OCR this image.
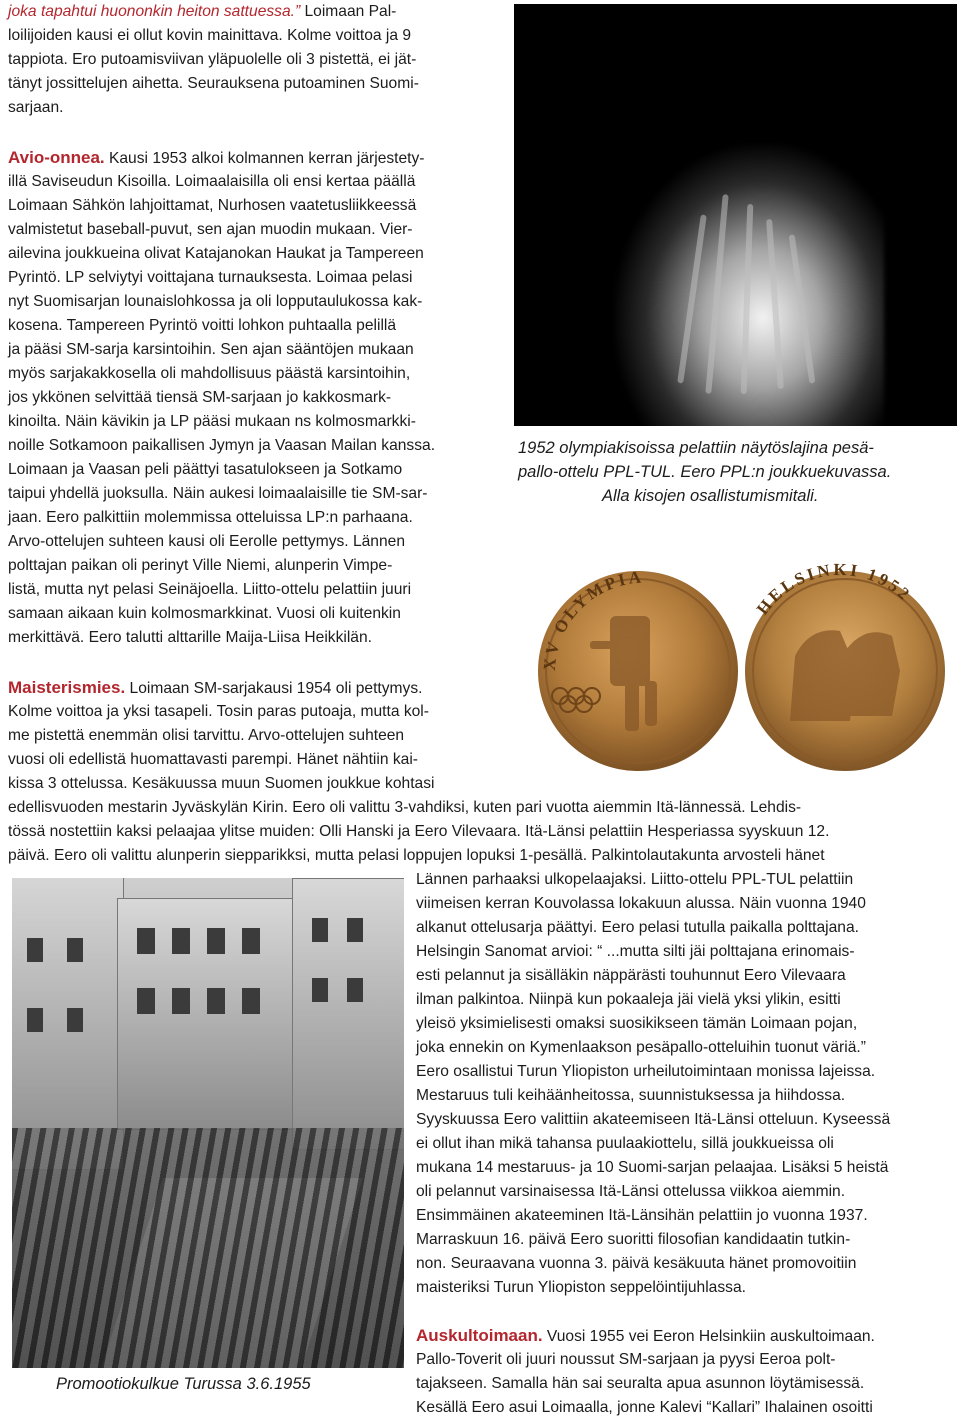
joka tapahtui huononkin heiton sattuessa.” Loimaan Pal-
loilijoiden kausi ei ollut kovin mainittava. Kolme voittoa ja 9
tappiota. Ero putoamisviivan yläpuolelle oli 3 pistettä, ei jät-
tänyt jossittelujen aihetta. Seurauksena putoaminen Suomi-
sarjaan.
Avio-onnea. Kausi 1953 alkoi kolmannen kerran järjestety-
illä Saviseudun Kisoilla. Loimaalaisilla oli ensi kertaa päällä
Loimaan Sähkön lahjoittamat, Nurhosen vaatetusliikkeessä
valmistetut baseball-puvut, sen ajan muodin mukaan. Vier-
ailevina joukkueina olivat Katajanokan Haukat ja Tampereen
Pyrintö. LP selviytyi voittajana turnauksesta. Loimaa pelasi
nyt Suomisarjan lounaislohkossa ja oli lopputaulukossa kak-
kosena. Tampereen Pyrintö voitti lohkon puhtaalla pelillä
ja pääsi SM-sarja karsintoihin. Sen ajan sääntöjen mukaan
myös sarjakakkosella oli mahdollisuus päästä karsintoihin,
jos ykkönen selvittää tiensä SM-sarjaan jo kakkosmark-
kinoilta. Näin kävikin ja LP pääsi mukaan ns kolmosmarkki-
noille Sotkamoon paikallisen Jymyn ja Vaasan Mailan kanssa.
Loimaan ja Vaasan peli päättyi tasatulokseen ja Sotkamo
taipui yhdellä juoksulla. Näin aukesi loimaalaisille tie SM-sar-
jaan. Eero palkittiin molemmissa otteluissa LP:n parhaana.
Arvo-ottelujen suhteen kausi oli Eerolle pettymys. Lännen
polttajan paikan oli perinyt Ville Niemi, alunperin Vimpe-
listä, mutta nyt pelasi Seinäjoella. Liitto-ottelu pelattiin juuri
samaan aikaan kuin kolmosmarkkinat. Vuosi oli kuitenkin
merkittävä. Eero talutti alttarille Maija-Liisa Heikkilän.
1952 olympiakisoissa pelattiin näytöslajina pesä-
pallo-ottelu PPL-TUL. Eero PPL:n joukkuekuvassa.
Alla kisojen osallistumismitali.
XV OLYMPIA
HELSINKI 1952
Maisterismies. Loimaan SM-sarjakausi 1954 oli pettymys.
Kolme voittoa ja yksi tasapeli. Tosin paras putoaja, mutta kol-
me pistettä enemmän olisi tarvittu. Arvo-ottelujen suhteen
vuosi oli edellistä huomattavasti parempi. Hänet nähtiin kai-
kissa 3 ottelussa. Kesäkuussa muun Suomen joukkue kohtasi
edellisvuoden mestarin Jyväskylän Kirin. Eero oli valittu 3-vahdiksi, kuten pari vuotta aiemmin Itä-lännessä. Lehdis-
tössä nostettiin kaksi pelaajaa ylitse muiden: Olli Hanski ja Eero Vilevaara. Itä-Länsi pelattiin Hesperiassa syyskuun 12.
päivä. Eero oli valittu alunperin siepparikksi, mutta pelasi loppujen lopuksi 1-pesällä. Palkintolautakunta arvosteli hänet
Lännen parhaaksi ulkopelaajaksi. Liitto-ottelu PPL-TUL pelattiin
viimeisen kerran Kouvolassa lokakuun alussa. Näin vuonna 1940
alkanut ottelusarja päättyi. Eero pelasi tutulla paikalla polttajana.
Helsingin Sanomat arvioi: “ ...mutta silti jäi polttajana erinomais-
esti pelannut ja sisälläkin näppärästi touhunnut Eero Vilevaara
ilman palkintoa. Niinpä kun pokaaleja jäi vielä yksi ylikin, esitti
yleisö yksimielisesti omaksi suosikikseen tämän Loimaan pojan,
joka ennekin on Kymenlaakson pesäpallo-otteluihin tuonut väriä.”
Eero osallistui Turun Yliopiston urheilutoimintaan monissa lajeissa.
Mestaruus tuli keihäänheitossa, suunnistuksessa ja hiihdossa.
Syyskuussa Eero valittiin akateemiseen Itä-Länsi otteluun. Kyseessä
ei ollut ihan mikä tahansa puulaakiottelu, sillä joukkueissa oli
mukana 14 mestaruus- ja 10 Suomi-sarjan pelaajaa. Lisäksi 5 heistä
oli pelannut varsinaisessa Itä-Länsi ottelussa viikkoa aiemmin.
Ensimmäinen akateeminen Itä-Länsihän pelattiin jo vuonna 1937.
Marraskuun 16. päivä Eero suoritti filosofian kandidaatin tutkin-
non. Seuraavana vuonna 3. päivä kesäkuuta hänet promovoitiin
maisteriksi Turun Yliopiston seppelöintijuhlassa.
Promootiokulkue Turussa 3.6.1955
Auskultoimaan. Vuosi 1955 vei Eeron Helsinkiin auskultoimaan.
Pallo-Toverit oli juuri noussut SM-sarjaan ja pyysi Eeroa polt-
tajakseen. Samalla hän sai seuralta apua asunnon löytämisessä.
Kesällä Eero asui Loimaalla, jonne Kalevi “Kallari” Ihalainen osoitti
